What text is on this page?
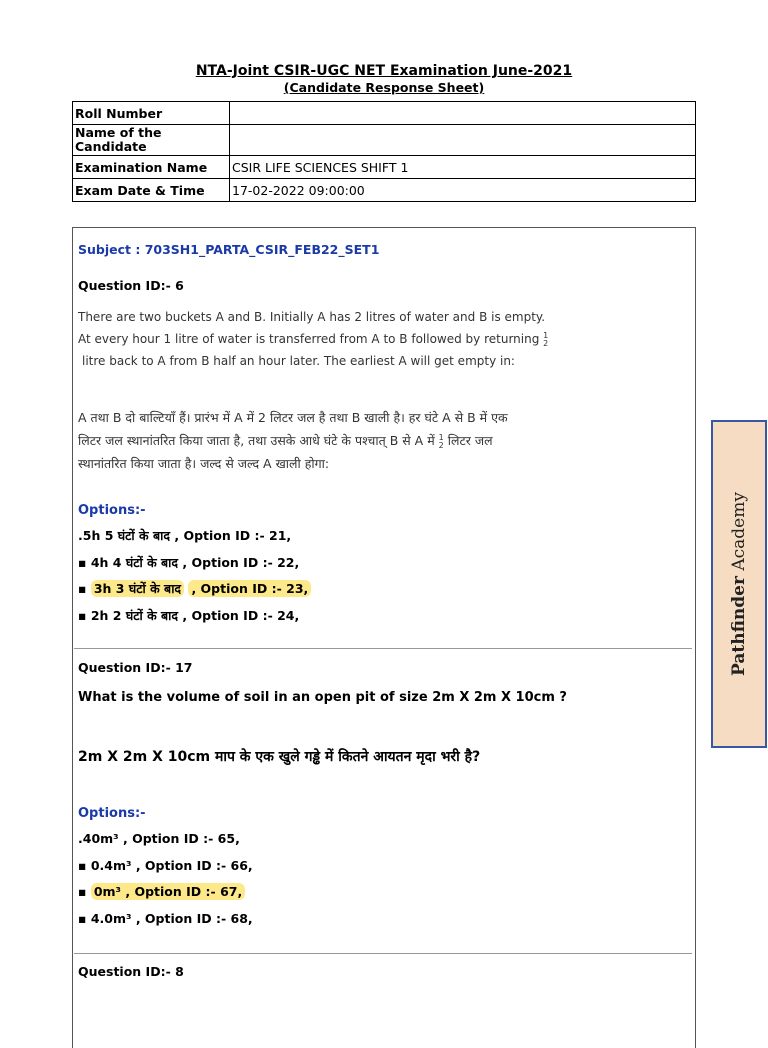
NTA-Joint CSIR-UGC NET Examination June-2021
(Candidate Response Sheet)
Roll Number	
Name of the Candidate	
Examination Name	CSIR LIFE SCIENCES SHIFT 1
Exam Date & Time	17-02-2022 09:00:00
Subject : 703SH1_PARTA_CSIR_FEB22_SET1
Question ID:- 6
There are two buckets A and B. Initially A has 2 litres of water and B is empty.
At every hour 1 litre of water is transferred from A to B followed by returning 1
2
litre back to A from B half an hour later. The earliest A will get empty in:
A तथा B दो बाल्टियाँ हैं। प्रारंभ में A में 2 लिटर जल है तथा B खाली है। हर घंटे A से B में एक
लिटर जल स्थानांतरित किया जाता है, तथा उसके आधे घंटे के पश्चात् B से A में 1
2 लिटर जल
स्थानांतरित किया जाता है। जल्द से जल्द A खाली होगा:
Options:-
.5h 5 घंटों के बाद , Option ID :- 21,
▪ 4h 4 घंटों के बाद , Option ID :- 22,
▪ 3h 3 घंटों के बाद , Option ID :- 23,
▪ 2h 2 घंटों के बाद , Option ID :- 24,
Question ID:- 17
What is the volume of soil in an open pit of size 2m X 2m X 10cm ?
2m X 2m X 10cm माप के एक खुले गड्ढे में कितने आयतन मृदा भरी है?
Options:-
.40m³ , Option ID :- 65,
▪ 0.4m³ , Option ID :- 66,
▪ 0m³ , Option ID :- 67,
▪ 4.0m³ , Option ID :- 68,
Question ID:- 8
Pathfinder Academy
